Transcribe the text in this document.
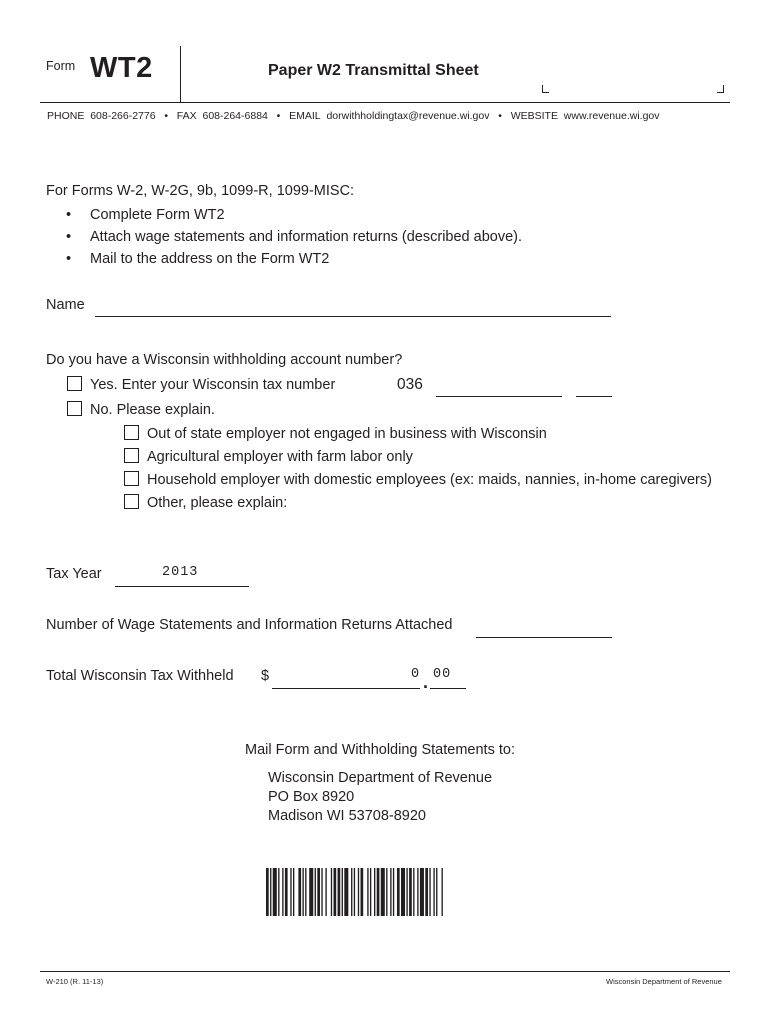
Form WT2	Paper W2 Transmittal Sheet
PHONE 608-266-2776 • FAX 608-264-6884 • EMAIL dorwithholdingtax@revenue.wi.gov • WEBSITE www.revenue.wi.gov
For Forms W-2, W-2G, 9b, 1099-R, 1099-MISC:
• Complete Form WT2
• Attach wage statements and information returns (described above).
• Mail to the address on the Form WT2
Name
Do you have a Wisconsin withholding account number?
Yes. Enter your Wisconsin tax number	036
No. Please explain.
Out of state employer not engaged in business with Wisconsin
Agricultural employer with farm labor only
Household employer with domestic employees (ex: maids, nannies, in-home caregivers)
Other, please explain:
Tax Year	2013
Number of Wage Statements and Information Returns Attached
Total Wisconsin Tax Withheld $	0 . 00
Mail Form and Withholding Statements to:
Wisconsin Department of Revenue
PO Box 8920
Madison WI 53708-8920
W-210 (R. 11-13)	Wisconsin Department of Revenue
